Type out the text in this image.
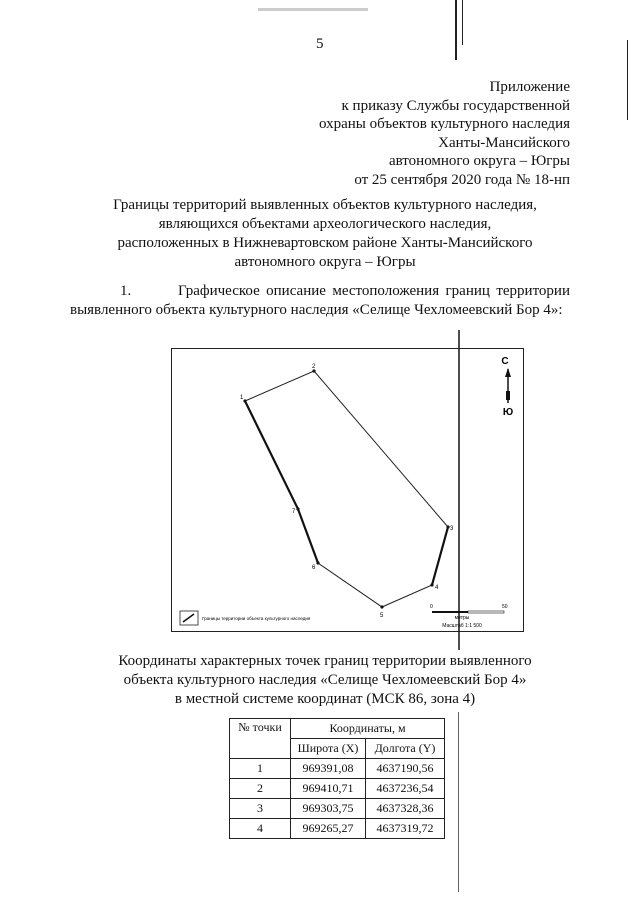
5
Приложение
к приказу Службы государственной
охраны объектов культурного наследия
Ханты-Мансийского
автономного округа – Югры
от 25 сентября 2020 года № 18-нп
Границы территорий выявленных объектов культурного наследия,
являющихся объектами археологического наследия,
расположенных в Нижневартовском районе Ханты-Мансийского
автономного округа – Югры
1.	Графическое описание местоположения границ территории выявленного объекта культурного наследия «Селище Чехломеевский Бор 4»:
1
2
3
4
5
6
7
С
Ю
Границы территории объекта культурного наследия
0	50
метры
Масштаб 1:1 500
Координаты характерных точек границ территории выявленного
объекта культурного наследия «Селище Чехломеевский Бор 4»
в местной системе координат (МСК 86, зона 4)
№ точки	Координаты, м	
	Широта (X)	Долгота (Y)
1	969391,08	4637190,56
2	969410,71	4637236,54
3	969303,75	4637328,36
4	969265,27	4637319,72
